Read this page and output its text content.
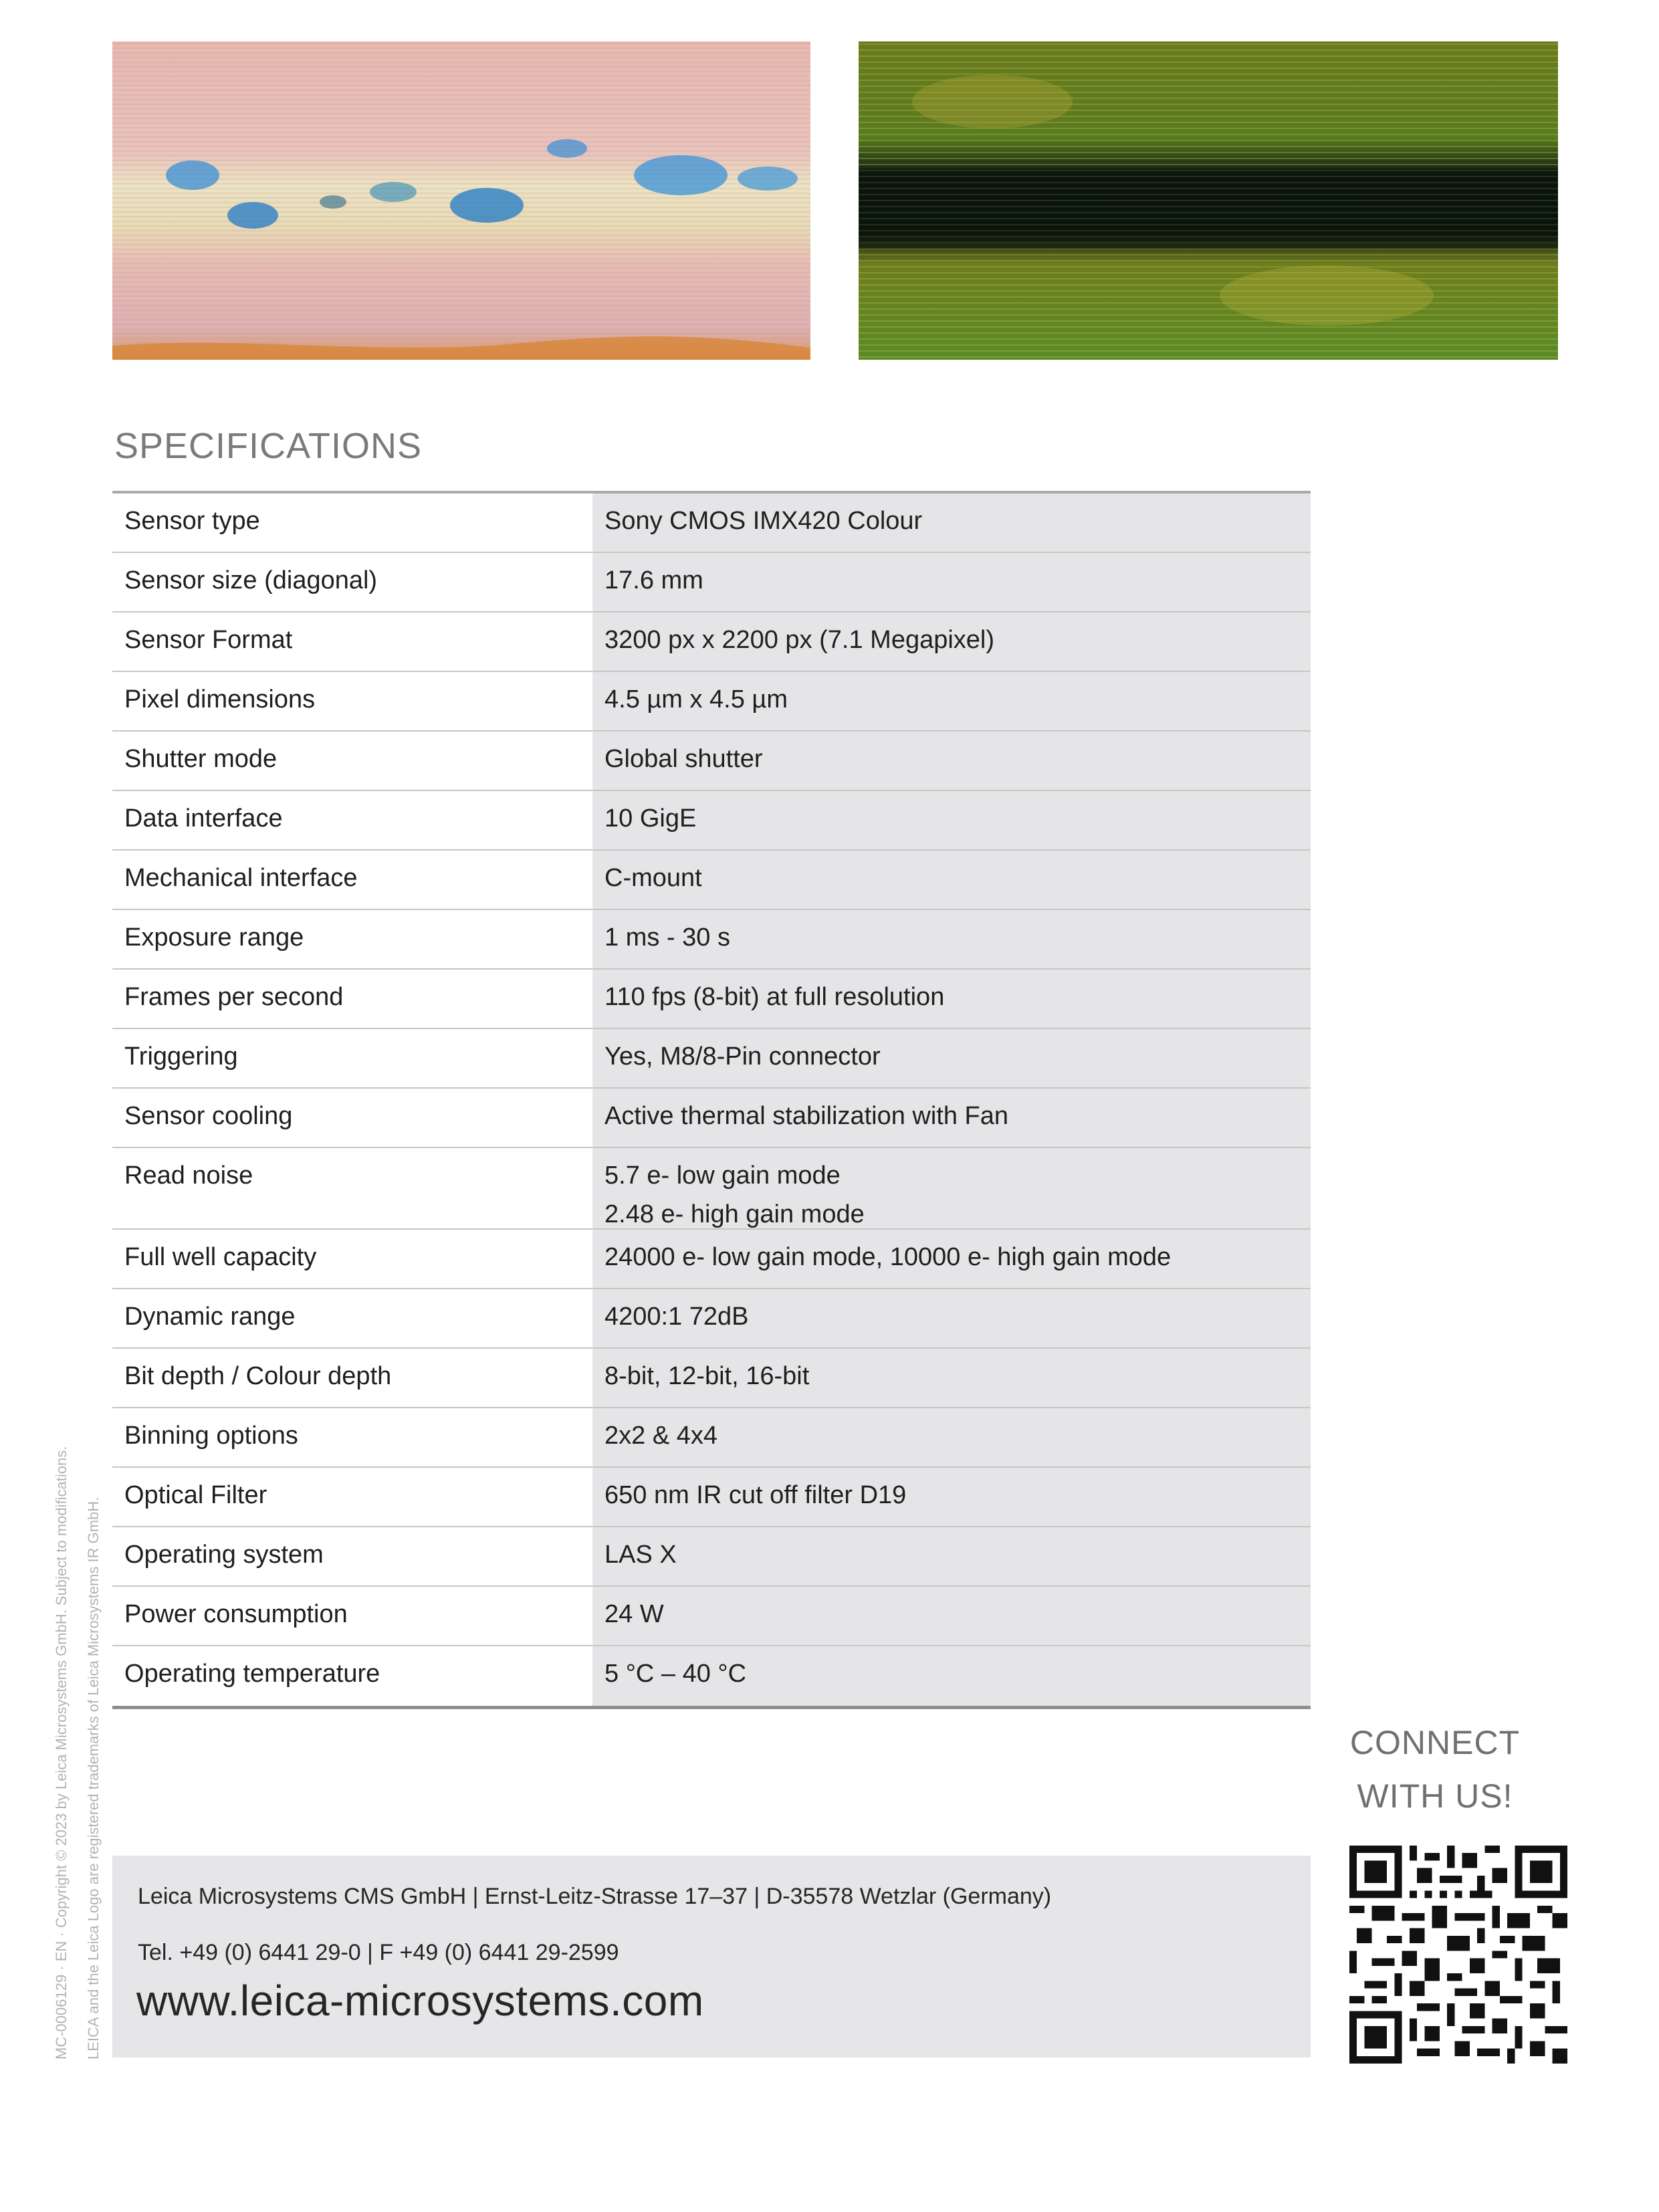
SPECIFICATIONS
Sensor type	Sony CMOS IMX420 Colour
Sensor size (diagonal)	17.6 mm
Sensor Format	3200 px x 2200 px (7.1 Megapixel)
Pixel dimensions	4.5 µm x 4.5 µm
Shutter mode	Global shutter
Data interface	10 GigE
Mechanical interface	C-mount
Exposure range	1 ms - 30 s
Frames per second	110 fps (8-bit) at full resolution
Triggering	Yes, M8/8-Pin connector
Sensor cooling	Active thermal stabilization with Fan
Read noise	5.7 e- low gain mode
2.48 e- high gain mode
Full well capacity	24000 e- low gain mode, 10000 e- high gain mode
Dynamic range	4200:1 72dB
Bit depth / Colour depth	8-bit, 12-bit, 16-bit
Binning options	2x2 & 4x4
Optical Filter	650 nm IR cut off filter D19
Operating system	LAS X
Power consumption	24 W
Operating temperature	5 °C – 40 °C
MC-0006129 · EN · Copyright © 2023 by Leica Microsystems GmbH. Subject to modifications.	LEICA and the Leica Logo are registered trademarks of Leica Microsystems IR GmbH.	CONNECT
WITH US!
Leica Microsystems CMS GmbH | Ernst-Leitz-Strasse 17–37 | D-35578 Wetzlar (Germany)
Tel. +49 (0) 6441 29-0 | F +49 (0) 6441 29-2599
www.leica-microsystems.com
